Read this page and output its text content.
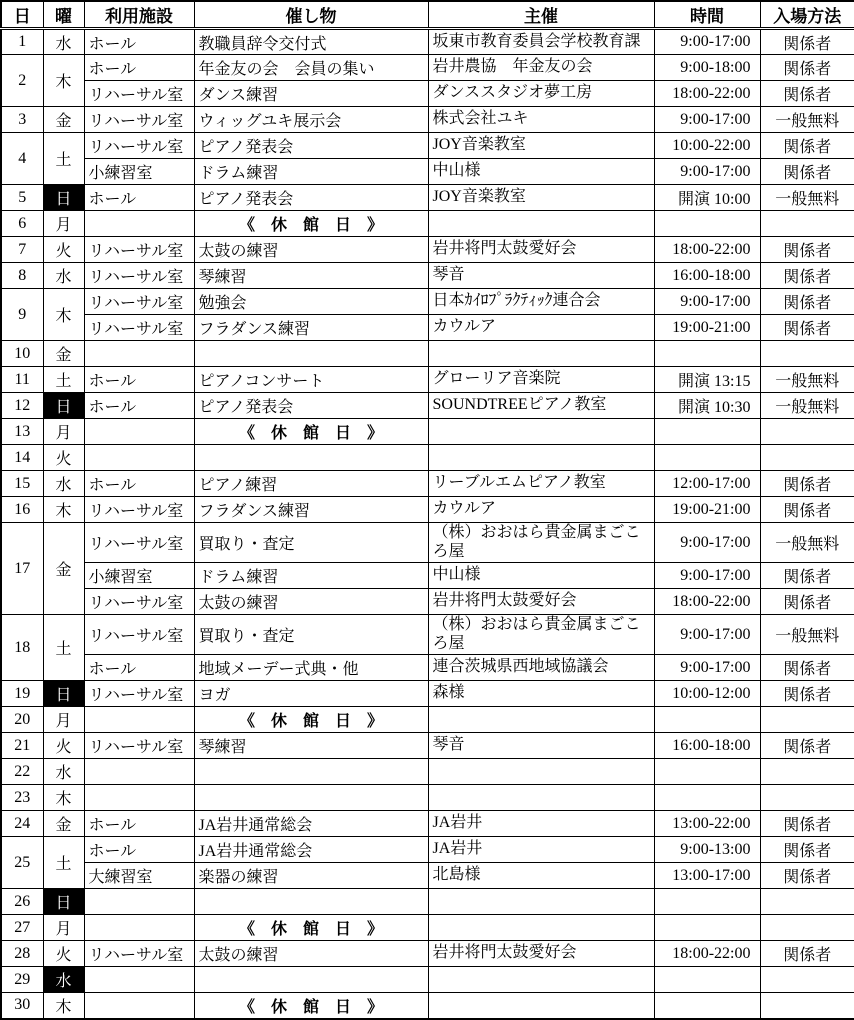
日	曜	利用施設	催し物	主催	時間	入場方法
1	水	ホール	教職員辞令交付式	坂東市教育委員会学校教育課	9:00-17:00	関係者
2	木	ホール	年金友の会　会員の集い	岩井農協　年金友の会	9:00-18:00	関係者
		リハーサル室	ダンス練習	ダンススタジオ夢工房	18:00-22:00	関係者
3	金	リハーサル室	ウィッグユキ展示会	株式会社ユキ	9:00-17:00	一般無料
4	土	リハーサル室	ピアノ発表会	JOY音楽教室	10:00-22:00	関係者
		小練習室	ドラム練習	中山様	9:00-17:00	関係者
5	日	ホール	ピアノ発表会	JOY音楽教室	開演 10:00	一般無料
6	月		《　休　館　日　》			
7	火	リハーサル室	太鼓の練習	岩井将門太鼓愛好会	18:00-22:00	関係者
8	水	リハーサル室	琴練習	琴音	16:00-18:00	関係者
9	木	リハーサル室	勉強会	日本ｶｲﾛﾌﾟﾗｸﾃｨｯｸ連合会	9:00-17:00	関係者
		リハーサル室	フラダンス練習	カウルア	19:00-21:00	関係者
10	金					
11	土	ホール	ピアノコンサート	グローリア音楽院	開演 13:15	一般無料
12	日	ホール	ピアノ発表会	SOUNDTREEピアノ教室	開演 10:30	一般無料
13	月		《　休　館　日　》			
14	火					
15	水	ホール	ピアノ練習	リーブルエムピアノ教室	12:00-17:00	関係者
16	木	リハーサル室	フラダンス練習	カウルア	19:00-21:00	関係者
17	金	リハーサル室	買取り・査定	（株）おおはら貴金属まごころ屋	9:00-17:00	一般無料
		小練習室	ドラム練習	中山様	9:00-17:00	関係者
		リハーサル室	太鼓の練習	岩井将門太鼓愛好会	18:00-22:00	関係者
18	土	リハーサル室	買取り・査定	（株）おおはら貴金属まごころ屋	9:00-17:00	一般無料
		ホール	地域メーデー式典・他	連合茨城県西地域協議会	9:00-17:00	関係者
19	日	リハーサル室	ヨガ	森様	10:00-12:00	関係者
20	月		《　休　館　日　》			
21	火	リハーサル室	琴練習	琴音	16:00-18:00	関係者
22	水					
23	木					
24	金	ホール	JA岩井通常総会	JA岩井	13:00-22:00	関係者
25	土	ホール	JA岩井通常総会	JA岩井	9:00-13:00	関係者
		大練習室	楽器の練習	北島様	13:00-17:00	関係者
26	日					
27	月		《　休　館　日　》			
28	火	リハーサル室	太鼓の練習	岩井将門太鼓愛好会	18:00-22:00	関係者
29	水					
30	木		《　休　館　日　》			
